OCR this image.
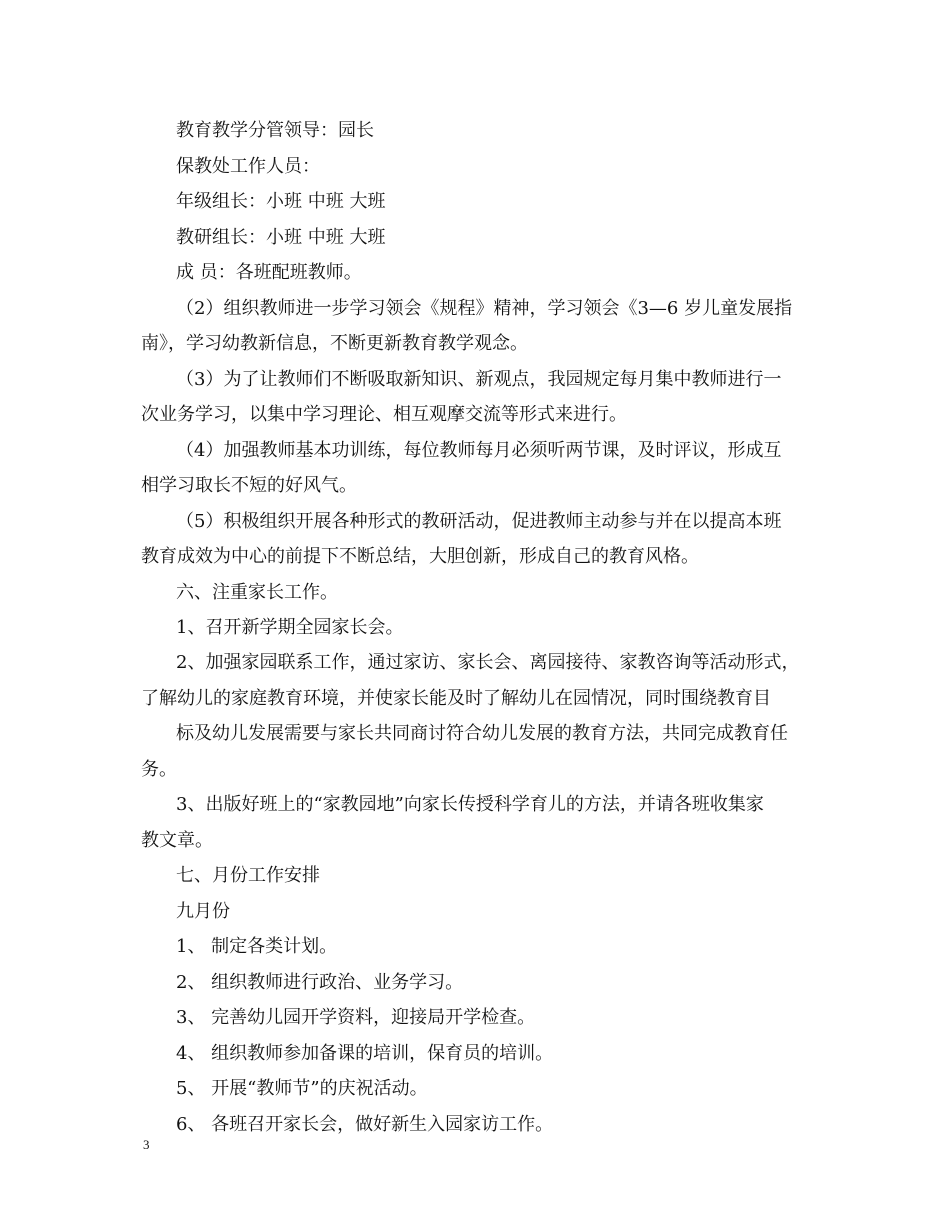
教育教学分管领导：园长
保教处工作人员：
年级组长：小班 中班 大班
教研组长：小班 中班 大班
成 员：各班配班教师。
（2）组织教师进一步学习领会《规程》精神，学习领会《3—6 岁儿童发展指
南》，学习幼教新信息，不断更新教育教学观念。
（3）为了让教师们不断吸取新知识、新观点，我园规定每月集中教师进行一
次业务学习，以集中学习理论、相互观摩交流等形式来进行。
（4）加强教师基本功训练，每位教师每月必须听两节课，及时评议，形成互
相学习取长不短的好风气。
（5）积极组织开展各种形式的教研活动，促进教师主动参与并在以提高本班
教育成效为中心的前提下不断总结，大胆创新，形成自己的教育风格。
六、注重家长工作。
1、召开新学期全园家长会。
2、加强家园联系工作，通过家访、家长会、离园接待、家教咨询等活动形式，
了解幼儿的家庭教育环境，并使家长能及时了解幼儿在园情况，同时围绕教育目
标及幼儿发展需要与家长共同商讨符合幼儿发展的教育方法，共同完成教育任
务。
3、出版好班上的“家教园地”向家长传授科学育儿的方法，并请各班收集家
教文章。
七、月份工作安排
九月份
1、 制定各类计划。
2、 组织教师进行政治、业务学习。
3、 完善幼儿园开学资料，迎接局开学检查。
4、 组织教师参加备课的培训，保育员的培训。
5、 开展“教师节”的庆祝活动。
6、 各班召开家长会，做好新生入园家访工作。
3
